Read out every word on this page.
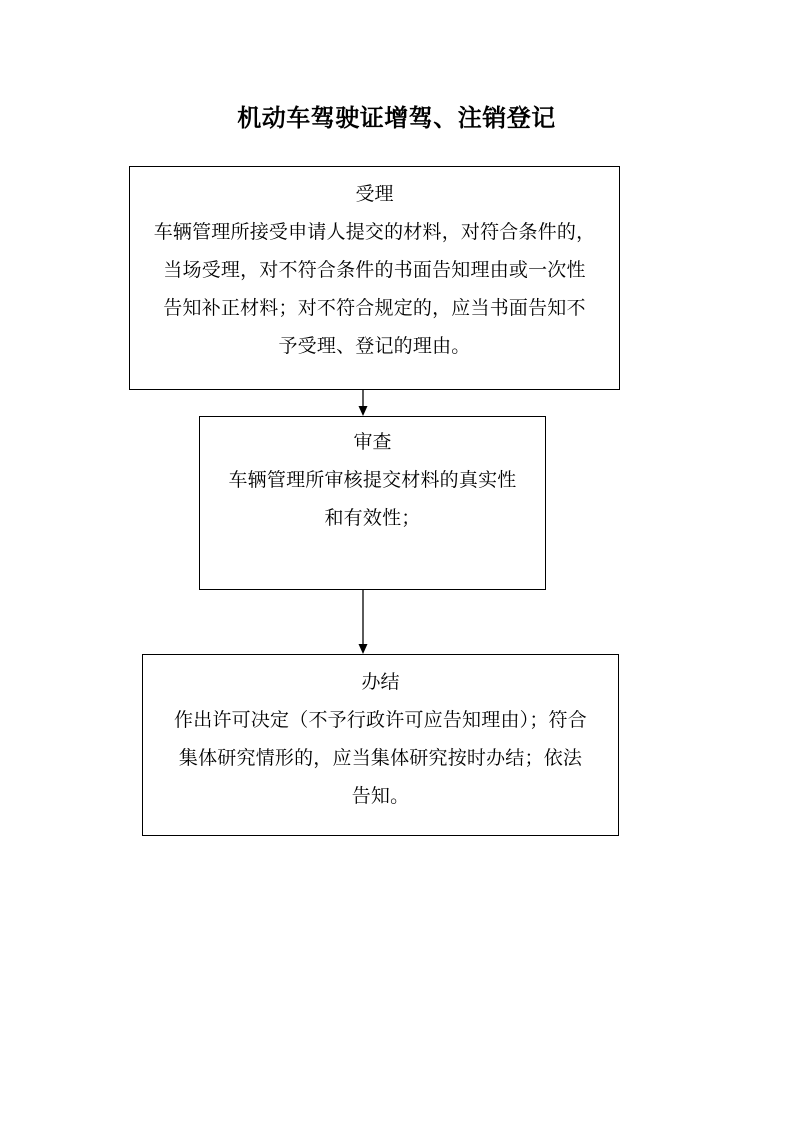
机动车驾驶证增驾、注销登记
受理
车辆管理所接受申请人提交的材料，对符合条件的，
当场受理，对不符合条件的书面告知理由或一次性
告知补正材料；对不符合规定的，应当书面告知不
予受理、登记的理由。
审查
车辆管理所审核提交材料的真实性
和有效性；
办结
作出许可决定（不予行政许可应告知理由）；符合
集体研究情形的，应当集体研究按时办结；依法
告知。
